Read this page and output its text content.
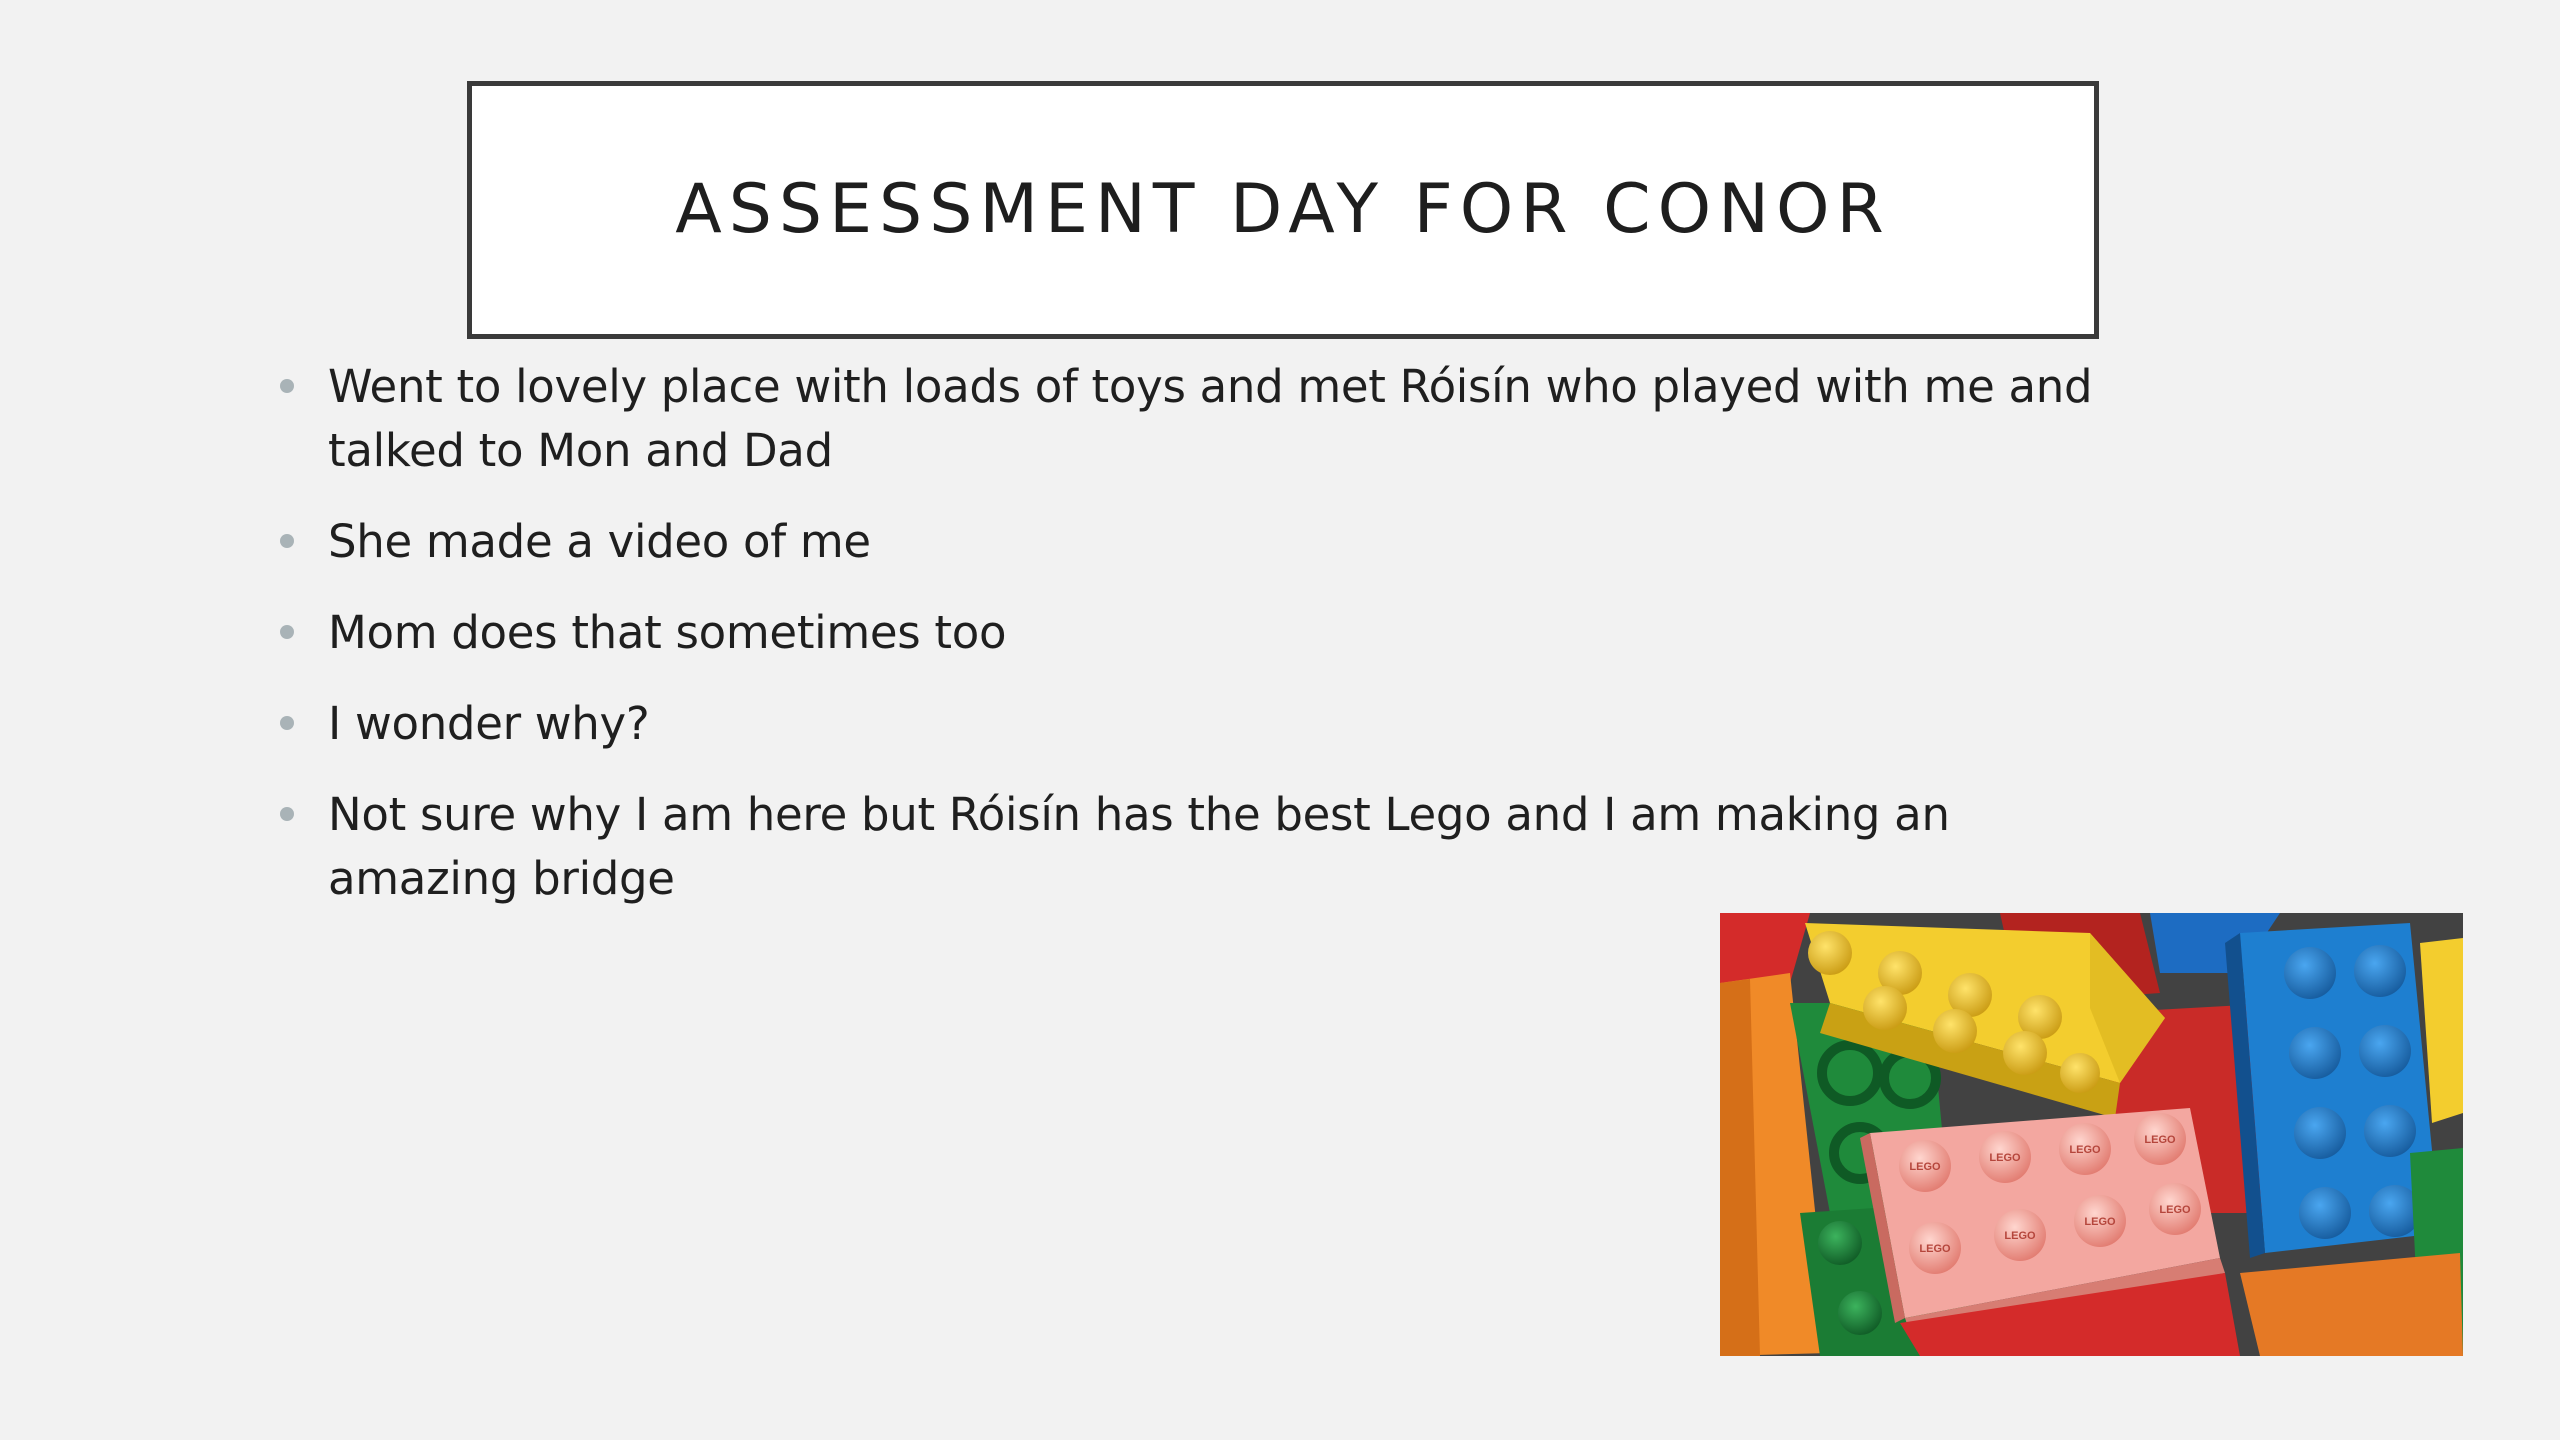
ASSESSMENT DAY FOR CONOR
Went to lovely place with loads of toys and met Róisín who played with me and talked to Mon and Dad
She made a video of me
Mom does that sometimes too
I wonder why?
Not sure why I am here but Róisín has the best Lego and I am making an amazing bridge
LEGO
LEGO
LEGO
LEGO
LEGO
LEGO
LEGO
LEGO
